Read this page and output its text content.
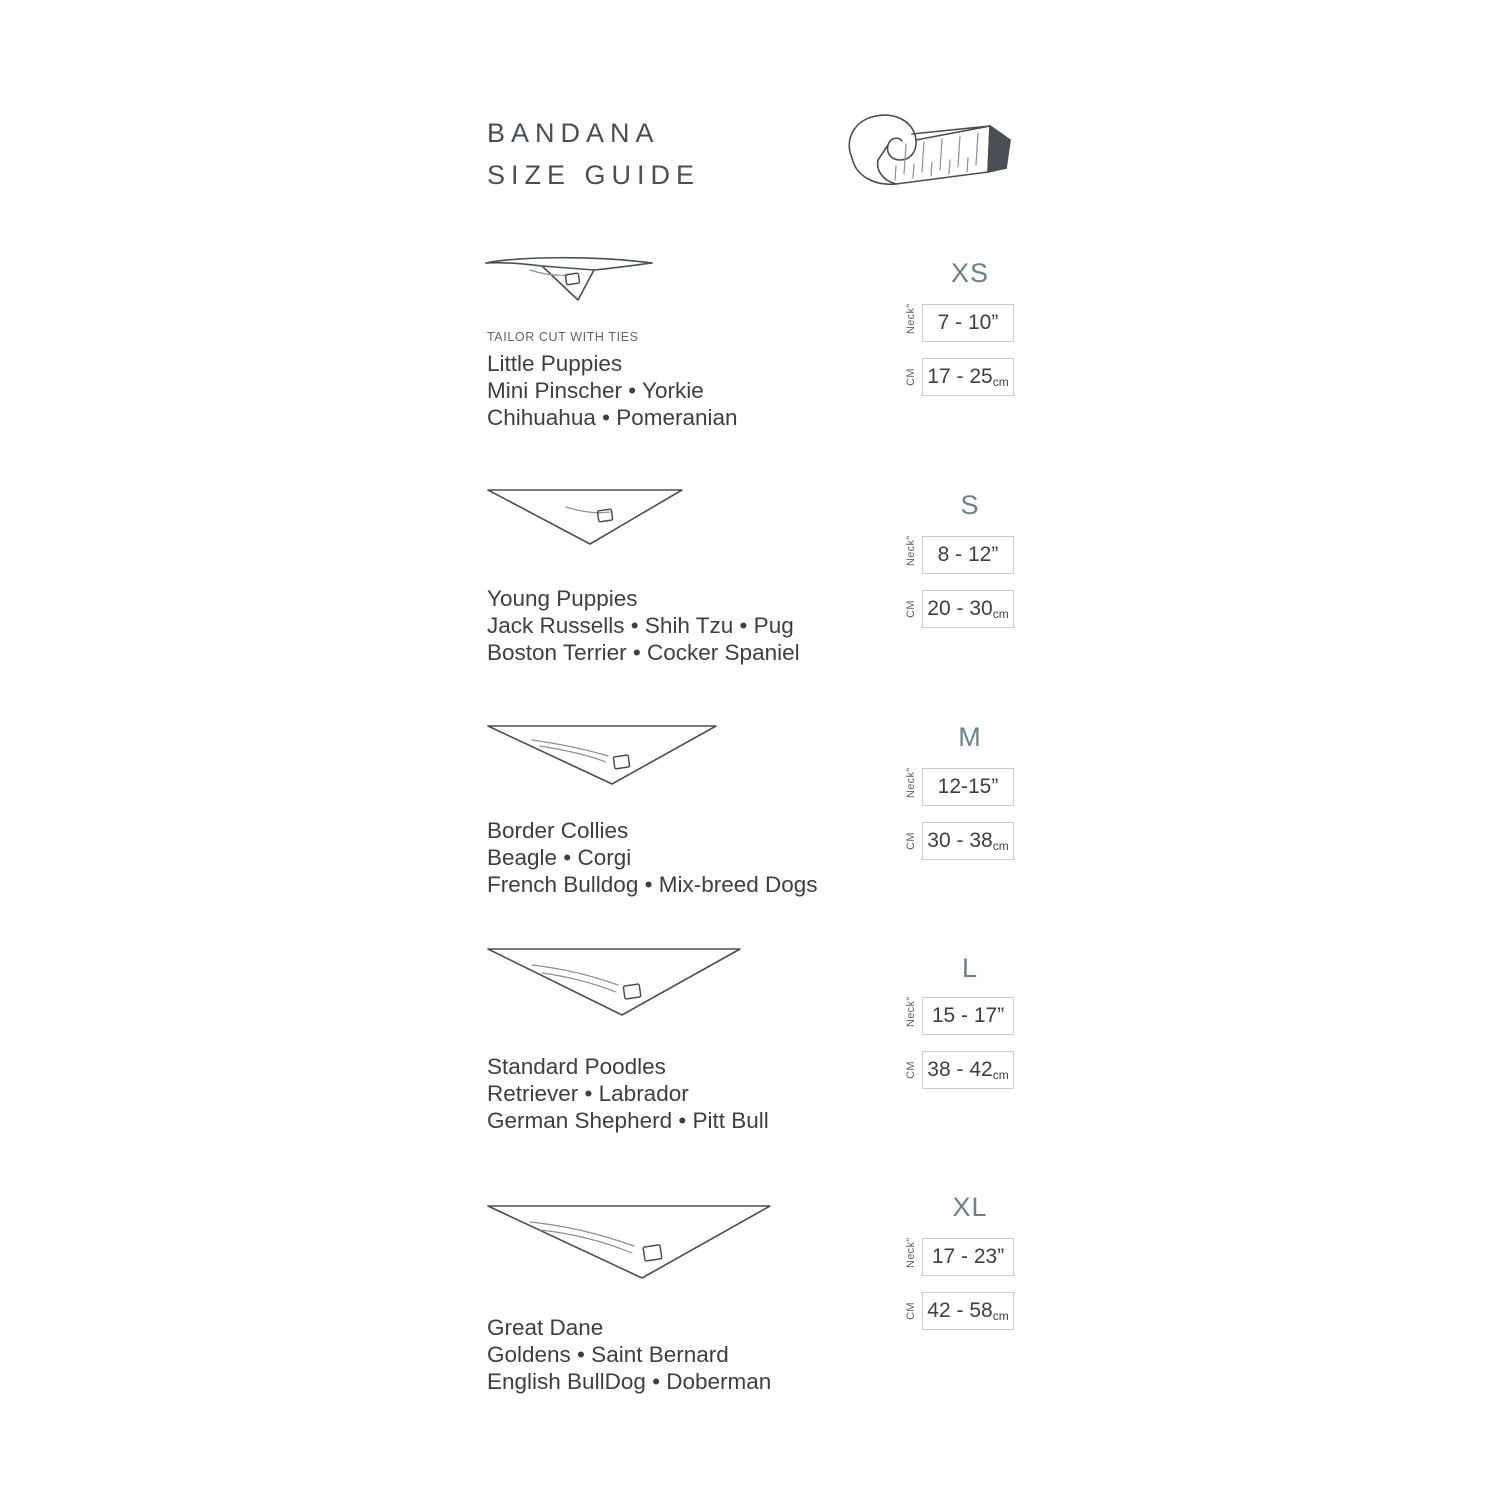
BANDANA
SIZE GUIDE
TAILOR CUT WITH TIES
Little Puppies
Mini Pinscher • Yorkie
Chihuahua • Pomeranian
XS
Neck" 7 - 10”
CM 17 - 25cm
Young Puppies
Jack Russells • Shih Tzu • Pug
Boston Terrier • Cocker Spaniel
S
Neck" 8 - 12”
CM 20 - 30cm
Border Collies
Beagle • Corgi
French Bulldog • Mix-breed Dogs
M
Neck" 12-15”
CM 30 - 38cm
Standard Poodles
Retriever • Labrador
German Shepherd • Pitt Bull
L
Neck" 15 - 17”
CM 38 - 42cm
Great Dane
Goldens • Saint Bernard
English BullDog • Doberman
XL
Neck" 17 - 23”
CM 42 - 58cm
